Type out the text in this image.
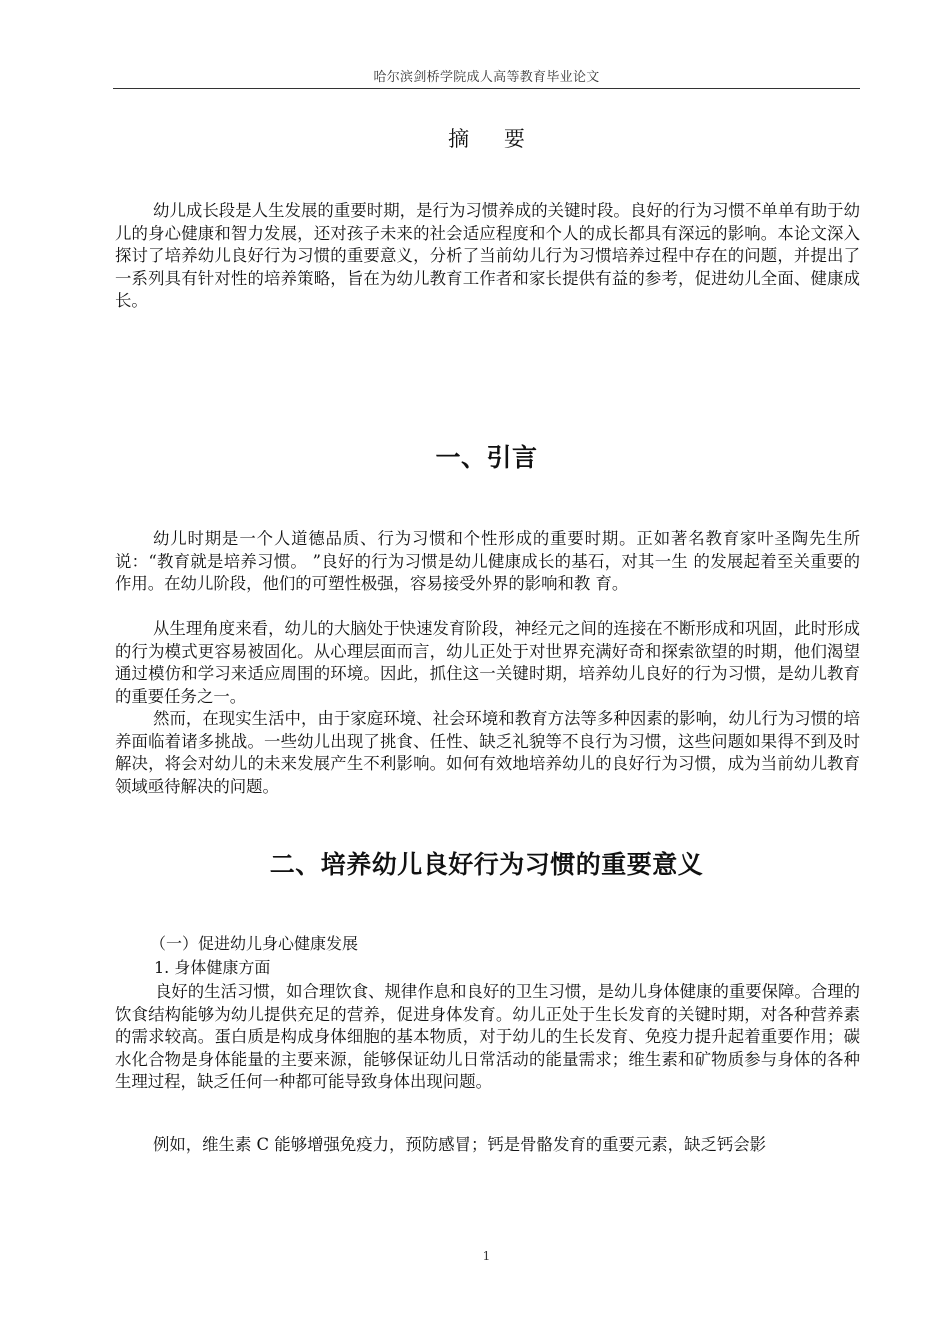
哈尔滨剑桥学院成人高等教育毕业论文
摘 要

幼儿成长段是人生发展的重要时期，是行为习惯养成的关键时段。良好的行为习惯不单单有助于幼儿的身心健康和智力发展，还对孩子未来的社会适应程度和个人的成长都具有深远的影响。本论文深入探讨了培养幼儿良好行为习惯的重要意义，分析了当前幼儿行为习惯培养过程中存在的问题，并提出了一系列具有针对性的培养策略，旨在为幼儿教育工作者和家长提供有益的参考，促进幼儿全面、健康成长。

一、引言

幼儿时期是一个人道德品质、行为习惯和个性形成的重要时期。正如著名教育家叶圣陶先生所说：“教育就是培养习惯。 ”良好的行为习惯是幼儿健康成长的基石，对其一生 的发展起着至关重要的作用。在幼儿阶段，他们的可塑性极强，容易接受外界的影响和教 育。

从生理角度来看，幼儿的大脑处于快速发育阶段，神经元之间的连接在不断形成和巩固，此时形成的行为模式更容易被固化。从心理层面而言，幼儿正处于对世界充满好奇和探索欲望的时期，他们渴望通过模仿和学习来适应周围的环境。因此，抓住这一关键时期，培养幼儿良好的行为习惯，是幼儿教育的重要任务之一。

然而，在现实生活中，由于家庭环境、社会环境和教育方法等多种因素的影响，幼儿行为习惯的培养面临着诸多挑战。一些幼儿出现了挑食、任性、缺乏礼貌等不良行为习惯，这些问题如果得不到及时解决，将会对幼儿的未来发展产生不利影响。如何有效地培养幼儿的良好行为习惯，成为当前幼儿教育领域亟待解决的问题。

二、培养幼儿良好行为习惯的重要意义
（一）促进幼儿身心健康发展
1. 身体健康方面

良好的生活习惯，如合理饮食、规律作息和良好的卫生习惯，是幼儿身体健康的重要保障。合理的饮食结构能够为幼儿提供充足的营养，促进身体发育。幼儿正处于生长发育的关键时期，对各种营养素的需求较高。蛋白质是构成身体细胞的基本物质，对于幼儿的生长发育、免疫力提升起着重要作用；碳水化合物是身体能量的主要来源，能够保证幼儿日常活动的能量需求；维生素和矿物质参与身体的各种生理过程，缺乏任何一种都可能导致身体出现问题。

例如，维生素 C 能够增强免疫力，预防感冒；钙是骨骼发育的重要元素，缺乏钙会影

1
